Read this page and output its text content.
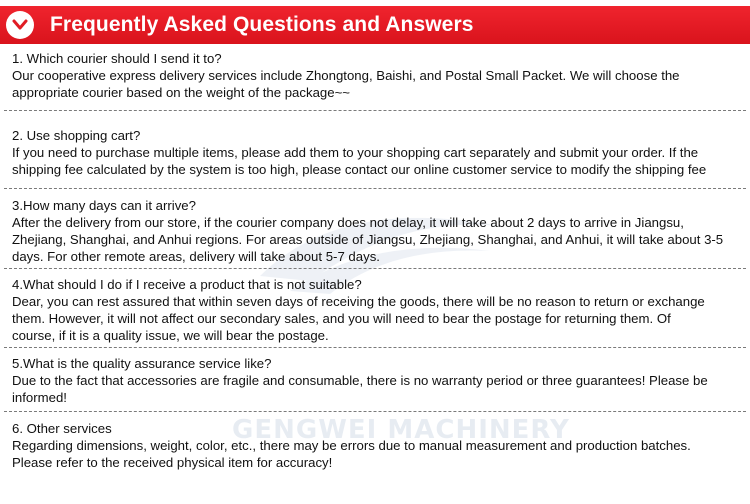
Frequently Asked Questions and Answers
GENGWEI MACHINERY

1. Which courier should I send it to?

Our cooperative express delivery services include Zhongtong, Baishi, and Postal Small Packet. We will choose the

appropriate courier based on the weight of the package~~

2. Use shopping cart?

If you need to purchase multiple items, please add them to your shopping cart separately and submit your order. If the

shipping fee calculated by the system is too high, please contact our online customer service to modify the shipping fee

3.How many days can it arrive?

After the delivery from our store, if the courier company does not delay, it will take about 2 days to arrive in Jiangsu,

Zhejiang, Shanghai, and Anhui regions. For areas outside of Jiangsu, Zhejiang, Shanghai, and Anhui, it will take about 3-5

days. For other remote areas, delivery will take about 5-7 days.

4.What should I do if I receive a product that is not suitable?

Dear, you can rest assured that within seven days of receiving the goods, there will be no reason to return or exchange

them. However, it will not affect our secondary sales, and you will need to bear the postage for returning them. Of

course, if it is a quality issue, we will bear the postage.

5.What is the quality assurance service like?

Due to the fact that accessories are fragile and consumable, there is no warranty period or three guarantees! Please be

informed!

6. Other services

Regarding dimensions, weight, color, etc., there may be errors due to manual measurement and production batches.

Please refer to the received physical item for accuracy!
